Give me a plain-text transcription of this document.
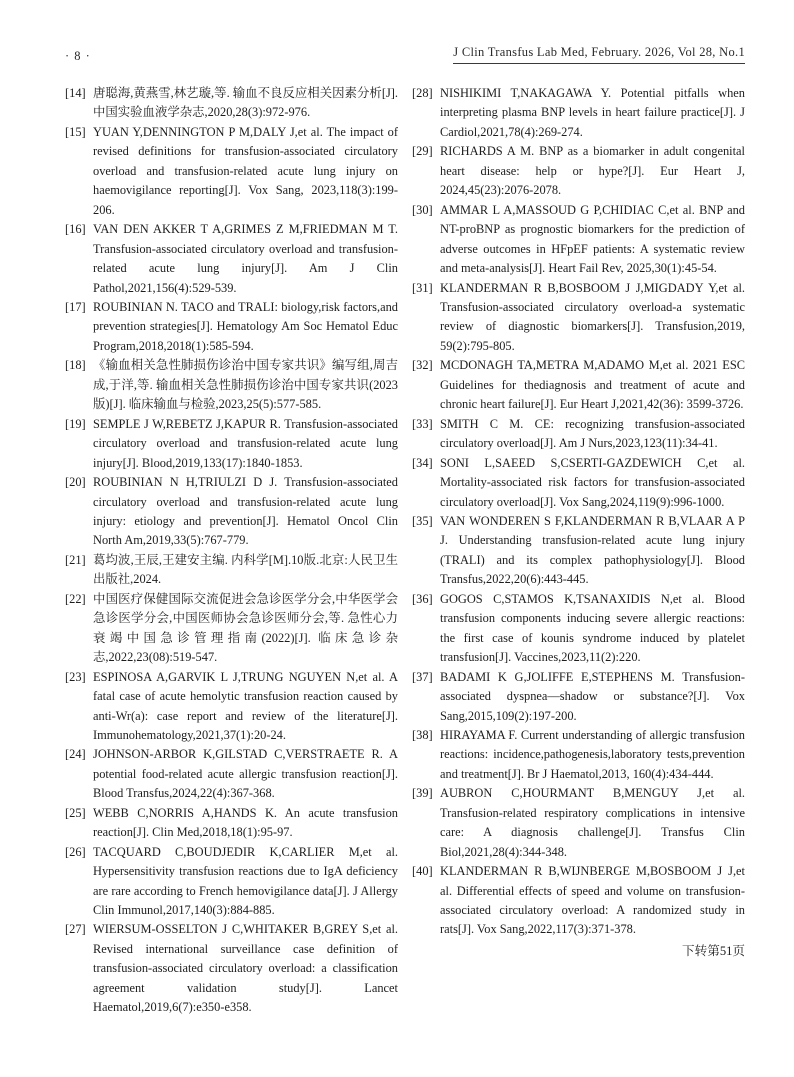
· 8 ·	J Clin Transfus Lab Med, February. 2026, Vol 28, No.1
[14] 唐聪海,黄燕雪,林艺璇,等. 输血不良反应相关因素分析[J]. 中国实验血液学杂志,2020,28(3):972-976.
[15] YUAN Y,DENNINGTON P M,DALY J,et al. The impact of revised definitions for transfusion-associated circulatory overload and transfusion-related acute lung injury on haemovigilance reporting[J]. Vox Sang, 2023,118(3):199-206.
[16] VAN DEN AKKER T A,GRIMES Z M,FRIEDMAN M T. Transfusion-associated circulatory overload and transfusion-related acute lung injury[J]. Am J Clin Pathol,2021,156(4):529-539.
[17] ROUBINIAN N. TACO and TRALI: biology,risk factors,and prevention strategies[J]. Hematology Am Soc Hematol Educ Program,2018,2018(1):585-594.
[18] 《输血相关急性肺损伤诊治中国专家共识》编写组,周吉成,于洋,等. 输血相关急性肺损伤诊治中国专家共识(2023版)[J]. 临床输血与检验,2023,25(5):577-585.
[19] SEMPLE J W,REBETZ J,KAPUR R. Transfusion-associated circulatory overload and transfusion-related acute lung injury[J]. Blood,2019,133(17):1840-1853.
[20] ROUBINIAN N H,TRIULZI D J. Transfusion-associated circulatory overload and transfusion-related acute lung injury: etiology and prevention[J]. Hematol Oncol Clin North Am,2019,33(5):767-779.
[21] 葛均波,王辰,王建安主编. 内科学[M].10版.北京:人民卫生出版社,2024.
[22] 中国医疗保健国际交流促进会急诊医学分会,中华医学会急诊医学分会,中国医师协会急诊医师分会,等. 急性心力衰竭中国急诊管理指南(2022)[J]. 临床急诊杂志,2022,23(08):519-547.
[23] ESPINOSA A,GARVIK L J,TRUNG NGUYEN N,et al. A fatal case of acute hemolytic transfusion reaction caused by anti-Wr(a): case report and review of the literature[J]. Immunohematology,2021,37(1):20-24.
[24] JOHNSON-ARBOR K,GILSTAD C,VERSTRAETE R. A potential food-related acute allergic transfusion reaction[J]. Blood Transfus,2024,22(4):367-368.
[25] WEBB C,NORRIS A,HANDS K. An acute transfusion reaction[J]. Clin Med,2018,18(1):95-97.
[26] TACQUARD C,BOUDJEDIR K,CARLIER M,et al. Hypersensitivity transfusion reactions due to IgA deficiency are rare according to French hemovigilance data[J]. J Allergy Clin Immunol,2017,140(3):884-885.
[27] WIERSUM-OSSELTON J C,WHITAKER B,GREY S,et al. Revised international surveillance case definition of transfusion-associated circulatory overload: a classification agreement validation study[J]. Lancet Haematol,2019,6(7):e350-e358.
[28] NISHIKIMI T,NAKAGAWA Y. Potential pitfalls when interpreting plasma BNP levels in heart failure practice[J]. J Cardiol,2021,78(4):269-274.
[29] RICHARDS A M. BNP as a biomarker in adult congenital heart disease: help or hype?[J]. Eur Heart J, 2024,45(23):2076-2078.
[30] AMMAR L A,MASSOUD G P,CHIDIAC C,et al. BNP and NT-proBNP as prognostic biomarkers for the prediction of adverse outcomes in HFpEF patients: A systematic review and meta-analysis[J]. Heart Fail Rev, 2025,30(1):45-54.
[31] KLANDERMAN R B,BOSBOOM J J,MIGDADY Y,et al. Transfusion-associated circulatory overload-a systematic review of diagnostic biomarkers[J]. Transfusion,2019, 59(2):795-805.
[32] MCDONAGH TA,METRA M,ADAMO M,et al. 2021 ESC Guidelines for thediagnosis and treatment of acute and chronic heart failure[J]. Eur Heart J,2021,42(36): 3599-3726.
[33] SMITH C M. CE: recognizing transfusion-associated circulatory overload[J]. Am J Nurs,2023,123(11):34-41.
[34] SONI L,SAEED S,CSERTI-GAZDEWICH C,et al. Mortality-associated risk factors for transfusion-associated circulatory overload[J]. Vox Sang,2024,119(9):996-1000.
[35] VAN WONDEREN S F,KLANDERMAN R B,VLAAR A P J. Understanding transfusion-related acute lung injury (TRALI) and its complex pathophysiology[J]. Blood Transfus,2022,20(6):443-445.
[36] GOGOS C,STAMOS K,TSANAXIDIS N,et al. Blood transfusion components inducing severe allergic reactions: the first case of kounis syndrome induced by platelet transfusion[J]. Vaccines,2023,11(2):220.
[37] BADAMI K G,JOLIFFE E,STEPHENS M. Transfusion-associated dyspnea—shadow or substance?[J]. Vox Sang,2015,109(2):197-200.
[38] HIRAYAMA F. Current understanding of allergic transfusion reactions: incidence,pathogenesis,laboratory tests,prevention and treatment[J]. Br J Haematol,2013, 160(4):434-444.
[39] AUBRON C,HOURMANT B,MENGUY J,et al. Transfusion-related respiratory complications in intensive care: A diagnosis challenge[J]. Transfus Clin Biol,2021,28(4):344-348.
[40] KLANDERMAN R B,WIJNBERGE M,BOSBOOM J J,et al. Differential effects of speed and volume on transfusion-associated circulatory overload: A randomized study in rats[J]. Vox Sang,2022,117(3):371-378.
下转第51页
